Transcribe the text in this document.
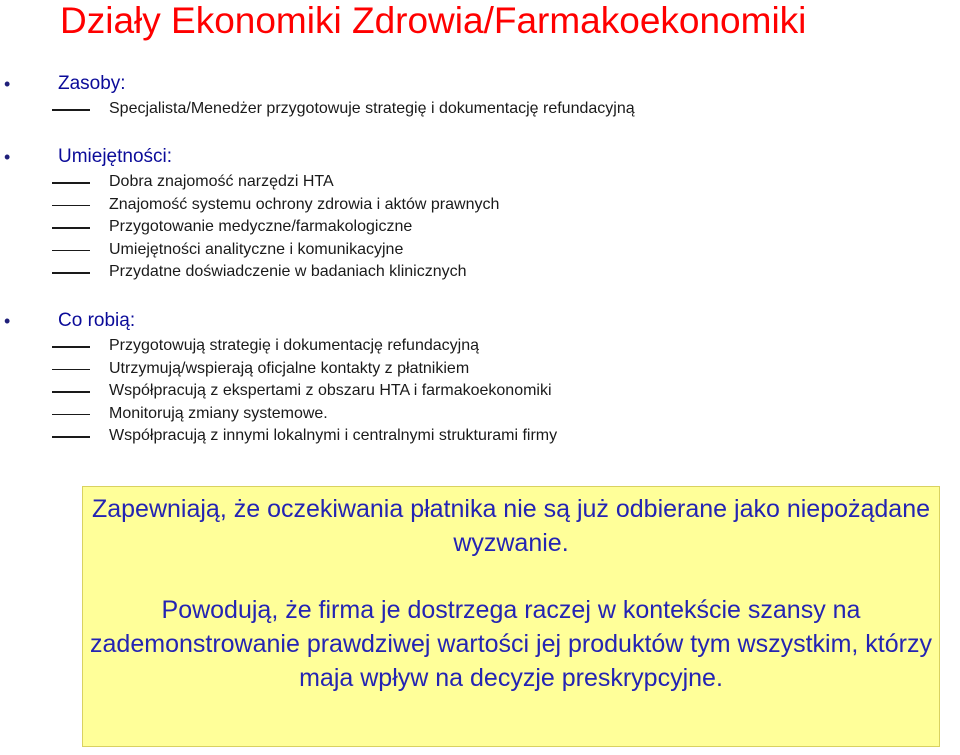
Działy Ekonomiki Zdrowia/Farmakoekonomiki
•	Zasoby:
Specjalista/Menedżer przygotowuje strategię i dokumentację refundacyjną
•	Umiejętności:
Dobra znajomość narzędzi HTA
Znajomość systemu ochrony zdrowia i aktów prawnych
Przygotowanie medyczne/farmakologiczne
Umiejętności analityczne i komunikacyjne
Przydatne doświadczenie w badaniach klinicznych
•	Co robią:
Przygotowują strategię i dokumentację refundacyjną
Utrzymują/wspierają oficjalne kontakty z płatnikiem
Współpracują z ekspertami z obszaru HTA i farmakoekonomiki
Monitorują zmiany systemowe.
Współpracują z innymi lokalnymi i centralnymi strukturami firmy

Zapewniają, że oczekiwania płatnika nie są już odbierane jako niepożądane wyzwanie.

Powodują, że firma je dostrzega raczej w kontekście szansy na zademonstrowanie prawdziwej wartości jej produktów tym wszystkim, którzy maja wpływ na decyzje preskrypcyjne.
